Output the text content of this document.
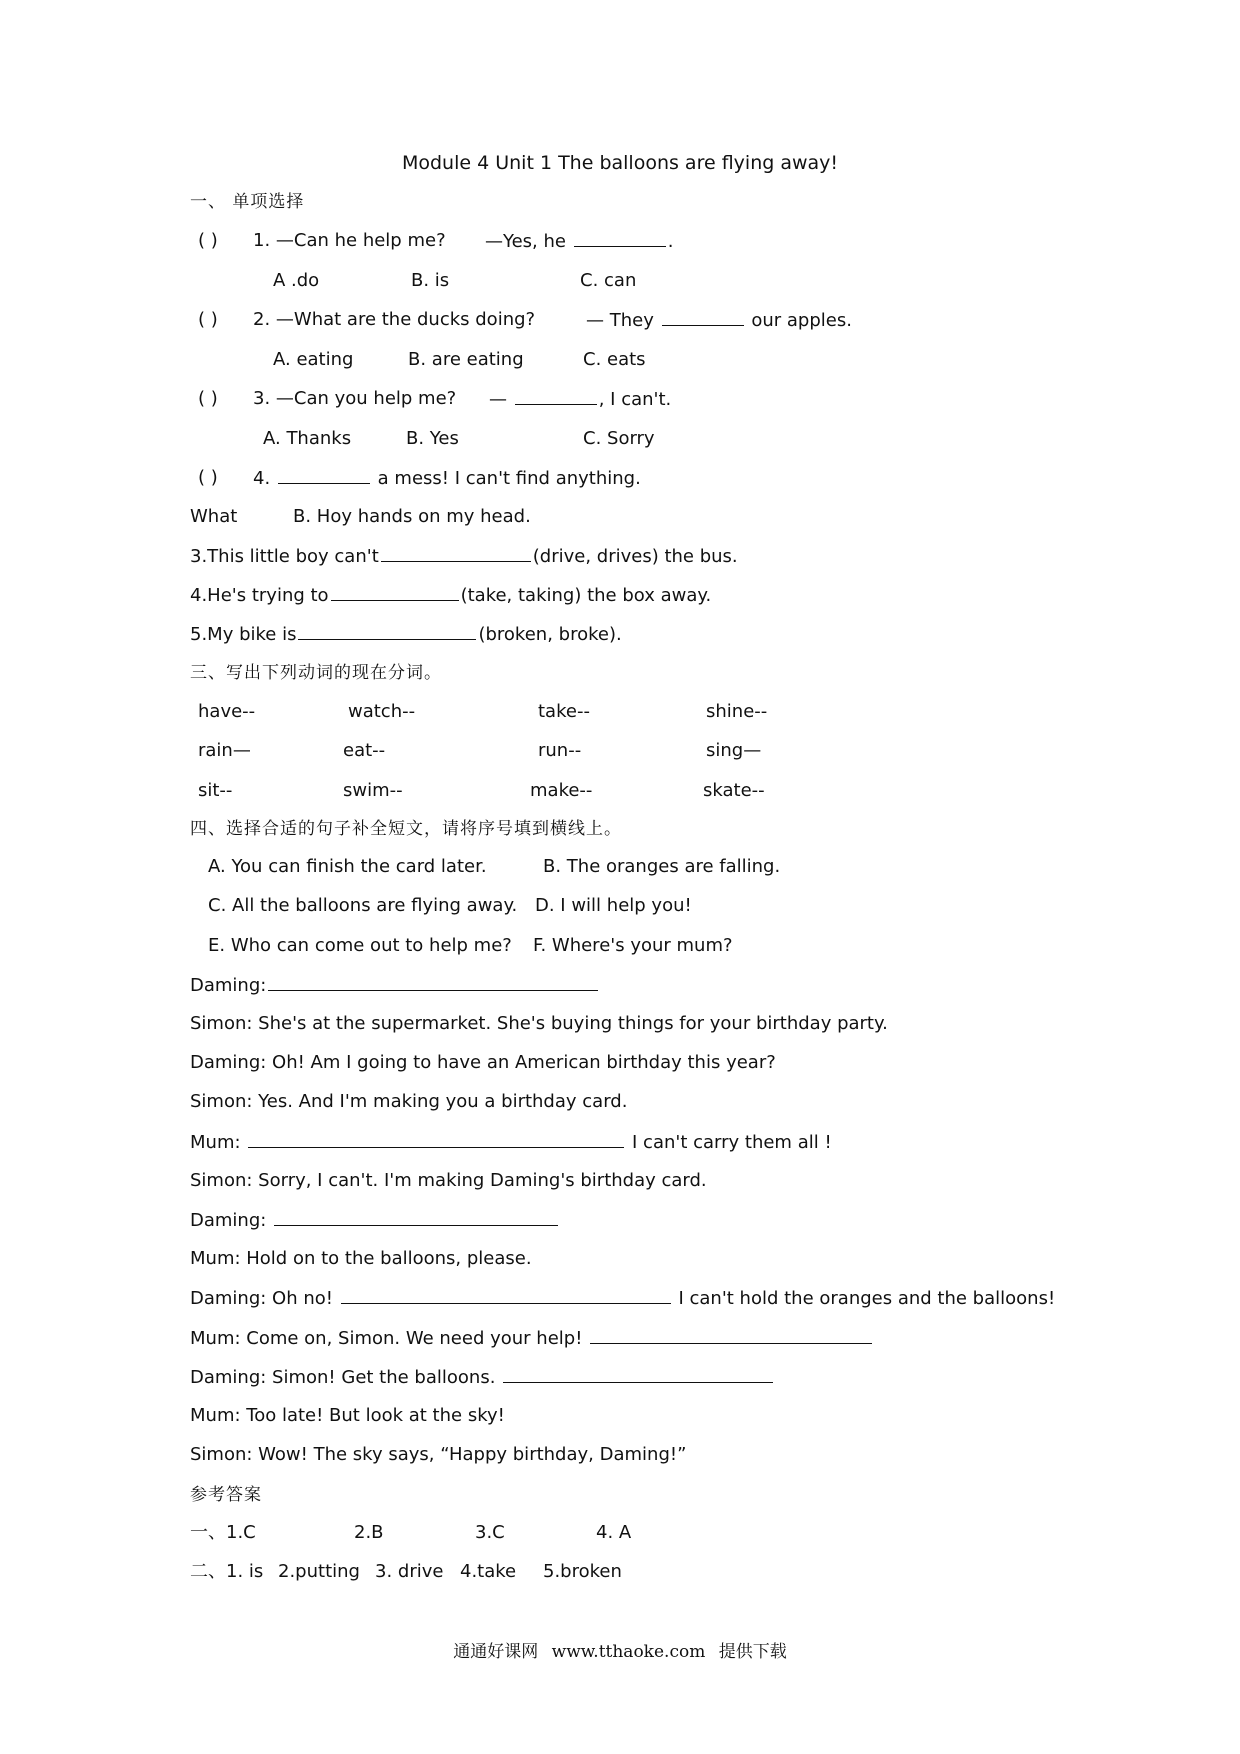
Module 4 Unit 1 The balloons are flying away!
一、 单项选择
( ) 1. —Can he help me? —Yes, he	.
A .do	B. is	C. can
( ) 2. —What are the ducks doing?	— They	our apples.
A. eating	B. are eating	C. eats
( ) 3. —Can you help me? —	, I can't.
A. Thanks	B. Yes	C. Sorry
( ) 4.	a mess! I can't find anything.
What	B. Hoy hands on my head.
3.This little boy can't	(drive, drives) the bus.
4.He's trying to	(take, taking) the box away.
5.My bike is	(broken, broke).
三、写出下列动词的现在分词。
have--	watch--	take--	shine--
rain—	eat--	run--	sing—
sit--	swim--	make--	skate--
四、选择合适的句子补全短文，请将序号填到横线上。
A. You can finish the card later.	B. The oranges are falling.
C. All the balloons are flying away. D. I will help you!
E. Who can come out to help me? F. Where's your mum?
Daming:
Simon: She's at the supermarket. She's buying things for your birthday party.
Daming: Oh! Am I going to have an American birthday this year?
Simon: Yes. And I'm making you a birthday card.
Mum:	I can't carry them all !
Simon: Sorry, I can't. I'm making Daming's birthday card.
Daming:
Mum: Hold on to the balloons, please.
Daming: Oh no!	I can't hold the oranges and the balloons!
Mum: Come on, Simon. We need your help!
Daming: Simon! Get the balloons.
Mum: Too late! But look at the sky!
Simon: Wow! The sky says, “Happy birthday, Daming!”
参考答案
一、1.C	2.B	3.C	4. A
二、1. is 2.putting 3. drive 4.take 5.broken
通通好课网 www.tthaoke.com 提供下载
